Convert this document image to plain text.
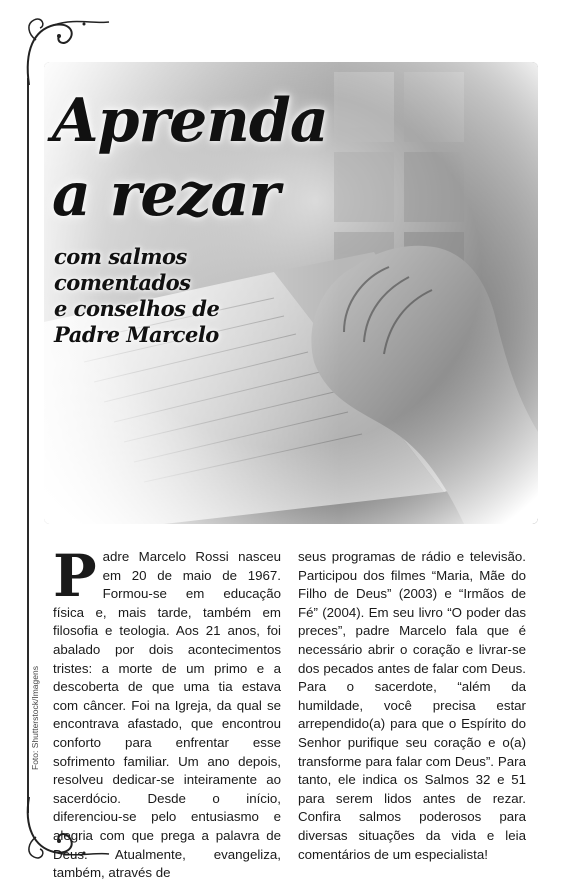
Aprenda
a rezar
com salmos comentados
e conselhos de
Padre Marcelo
Foto: Shutterstock/Imagens

P adre Marcelo Rossi nasceu em 20 de maio de 1967. Formou-se em educação física e, mais tarde, também em filosofia e teologia. Aos 21 anos, foi abalado por dois acontecimentos tristes: a morte de um primo e a descoberta de que uma tia estava com câncer. Foi na Igreja, da qual se encontrava afastado, que encontrou conforto para enfrentar esse sofrimento familiar. Um ano depois, resolveu dedicar-se inteiramente ao sacerdócio. Desde o início, diferenciou-se pelo entusiasmo e alegria com que prega a palavra de Deus. Atualmente, evangeliza, também, através de

seus programas de rádio e televisão. Participou dos filmes “Maria, Mãe do Filho de Deus” (2003) e “Irmãos de Fé” (2004). Em seu livro “O poder das preces”, padre Marcelo fala que é necessário abrir o coração e livrar-se dos pecados antes de falar com Deus. Para o sacerdote, “além da humildade, você precisa estar arrependido(a) para que o Espírito do Senhor purifique seu coração e o(a) transforme para falar com Deus”. Para tanto, ele indica os Salmos 32 e 51 para serem lidos antes de rezar. Confira salmos poderosos para diversas situações da vida e leia comentários de um especialista!
